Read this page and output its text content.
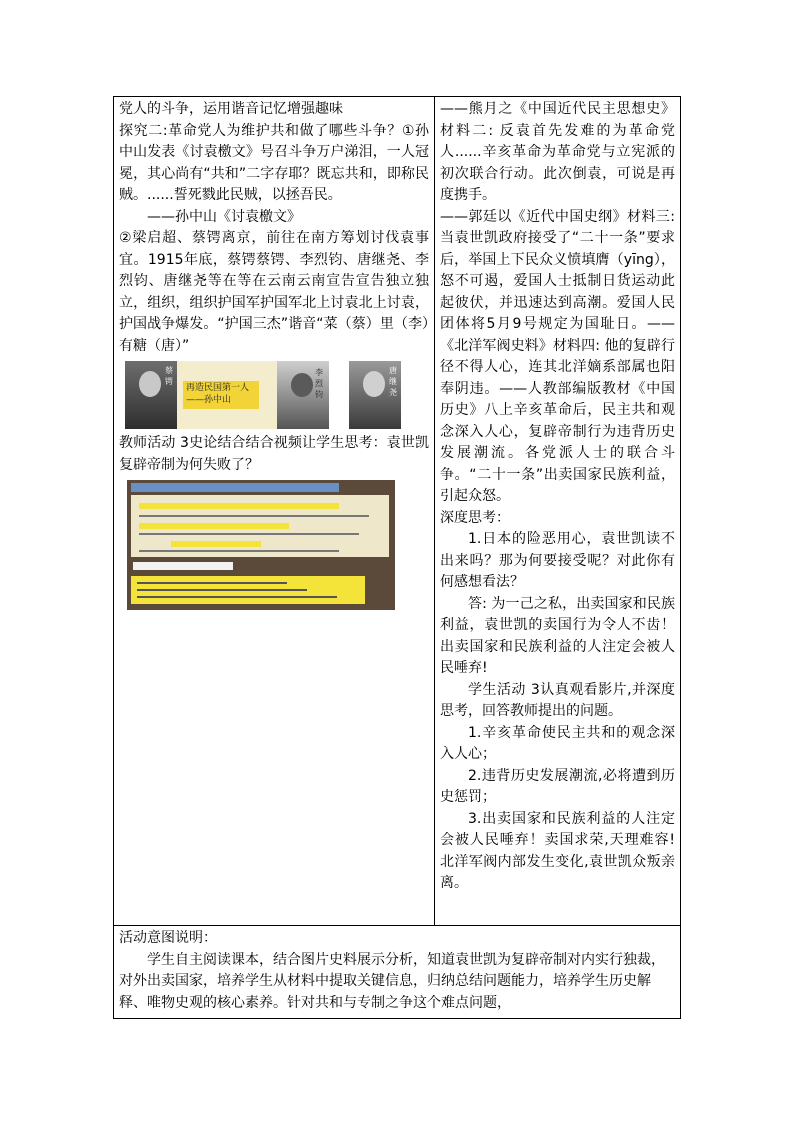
党人的斗争，运用谐音记忆增强趣味

探究二:革命党人为维护共和做了哪些斗争？①孙中山发表《讨袁檄文》号召斗争万户涕泪，一人冠冕，其心尚有“共和”二字存耶？既忘共和，即称民贼。......誓死戮此民贼，以拯吾民。

——孙中山《讨袁檄文》

②梁启超、蔡锷离京，前往在南方筹划讨伐袁事宜。1915年底，蔡锷蔡锷、李烈钧、唐继尧、李烈钧、唐继尧等在等在云南云南宣告宣告独立独立，组织，组织护国军护国军北上讨袁北上讨袁，护国战争爆发。“护国三杰”谐音“菜（蔡）里（李）有糖（唐）”

蔡锷
再造民国第一人
——孙中山
李烈钧
唐继尧

教师活动 3史论结合结合视频让学生思考：袁世凯复辟帝制为何失败了？

——熊月之《中国近代民主思想史》材料二: 反袁首先发难的为革命党人......辛亥革命为革命党与立宪派的初次联合行动。此次倒袁，可说是再度携手。

——郭廷以《近代中国史纲》材料三: 当袁世凯政府接受了“二十一条”要求后，举国上下民众义愤填膺（yīng），怒不可遏，爱国人士抵制日货运动此起彼伏，并迅速达到高潮。爱国人民团体将5月9号规定为国耻日。——《北洋军阀史料》材料四: 他的复辟行径不得人心，连其北洋嫡系部属也阳奉阴违。——人教部编版教材《中国历史》八上辛亥革命后，民主共和观念深入人心，复辟帝制行为违背历史发展潮流。各党派人士的联合斗争。“二十一条”出卖国家民族利益，引起众怒。

深度思考：

1.日本的险恶用心，袁世凯读不出来吗？那为何要接受呢？对此你有何感想看法？

答: 为一己之私，出卖国家和民族利益，袁世凯的卖国行为令人不齿！出卖国家和民族利益的人注定会被人民唾弃!

学生活动 3认真观看影片,并深度思考，回答教师提出的问题。

1.辛亥革命使民主共和的观念深入人心；

2.违背历史发展潮流,必将遭到历史惩罚；

3.出卖国家和民族利益的人注定会被人民唾弃！卖国求荣,天理难容! 北洋军阀内部发生变化,袁世凯众叛亲离。

活动意图说明：

学生自主阅读课本，结合图片史料展示分析，知道袁世凯为复辟帝制对内实行独裁，对外出卖国家，培养学生从材料中提取关键信息，归纳总结问题能力，培养学生历史解释、唯物史观的核心素养。针对共和与专制之争这个难点问题，
